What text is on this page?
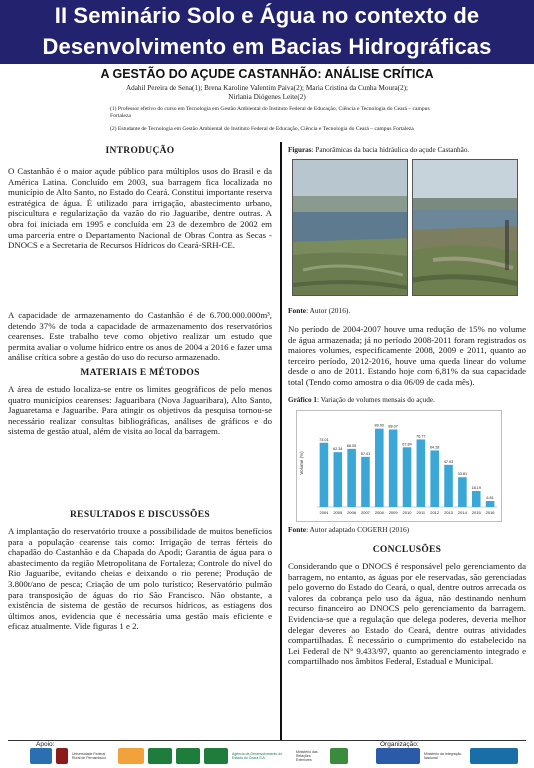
II Seminário Solo e Água no contexto de
Desenvolvimento em Bacias Hidrográficas
A GESTÃO DO AÇUDE CASTANHÃO: ANÁLISE CRÍTICA
Adahil Pereira de Sena(1); Brena Karoline Valentim Paiva(2); Maria Cristina da Cunha Moura(2);
Nirlania Diógenes Leite(2)
(1) Professor efetivo do curso em Tecnologia em Gestão Ambiental do Instituto Federal de Educação, Ciência e Tecnologia do Ceará – campus Fortaleza
(2) Estudante de Tecnologia em Gestão Ambiental do Instituto Federal de Educação, Ciência e Tecnologia do Ceará – campus Fortaleza
INTRODUÇÃO
O Castanhão é o maior açude público para múltiplos usos do Brasil e da América Latina. Concluído em 2003, sua barragem fica localizada no município de Alto Santo, no Estado do Ceará. Constitui importante reserva estratégica de água. É utilizado para irrigação, abastecimento urbano, piscicultura e regularização da vazão do rio Jaguaribe, dentre outras. A obra foi iniciada em 1995 e concluída em 23 de dezembro de 2002 em uma parceria entre o Departamento Nacional de Obras Contra as Secas - DNOCS e a Secretaria de Recursos Hídricos do Ceará-SRH-CE.
A capacidade de armazenamento do Castanhão é de 6.700.000.000m³, detendo 37% de toda a capacidade de armazenamento dos reservatórios cearenses. Este trabalho teve como objetivo realizar um estudo que permita avaliar o volume hídrico entre os anos de 2004 a 2016 e fazer uma análise crítica sobre a gestão do uso do recurso armazenado.
MATERIAIS E MÉTODOS
A área de estudo localiza-se entre os limites geográficos de pelo menos quatro municípios cearenses: Jaguaribara (Nova Jaguaribara), Alto Santo, Jaguaretama e Jaguaribe. Para atingir os objetivos da pesquisa tornou-se necessário realizar consultas bibliográficas, análises de gráficos e do sistema de gestão atual, além de visita ao local da barragem.
RESULTADOS E DISCUSSÕES
A implantação do reservatório trouxe a possibilidade de muitos benefícios para a população cearense tais como: Irrigação de terras férteis do chapadão do Castanhão e da Chapada do Apodi; Garantia de água para o abastecimento da região Metropolitana de Fortaleza; Controle do nível do Rio Jaguaribe, evitando cheias e deixando o rio perene; Produção de 3.800t/ano de pesca; Criação de um polo turístico; Reservatório pulmão para transposição de águas do rio São Francisco. Não obstante, a existência de sistema de gestão de recursos hídricos, as estiagens dos últimos anos, evidencia que é necessária uma gestão mais eficiente e eficaz atualmente. Vide figuras 1 e 2.
Figuras: Panorâmicas da bacia hidráulica do açude Castanhão.
Fonte: Autor (2016).
No período de 2004-2007 houve uma redução de 15% no volume de água armazenada; já no período 2008-2011 foram registrados os maiores volumes, especificamente 2008, 2009 e 2011, quanto ao terceiro período, 2012-2016, houve uma queda linear do volume desde o ano de 2011. Estando hoje com 6,81% da sua capacidade total (Tendo como amostra o dia 06/09 de cada mês).
Gráfico 1: Variação de volumes mensais do açude.
Volume (%)
73.01
2004
62.34
2005
66.05
2006
57.01
2007
89.00
2008
88.07
2009
67.84
2010
76.77
2011
64.28
2012
47.93
2013
33.81
2014
18.19
2015
6.81
2016
Fonte: Autor adaptado COGERH (2016)
CONCLUSÕES
Considerando que o DNOCS é responsável pelo gerenciamento da barragem, no entanto, as águas por ele reservadas, são gerenciadas pelo governo do Estado do Ceará, o qual, dentre outros arrecada os valores da cobrança pelo uso da água, não destinando nenhum recurso financeiro ao DNOCS pelo gerenciamento da barragem. Evidencia-se que a regulação que delega poderes, deveria melhor delegar deveres ao Estado do Ceará, dentre outras atividades compartilhadas. É necessário o cumprimento do estabelecido na Lei Federal de N° 9.433/97, quanto ao gerenciamento integrado e compartilhado nos âmbitos Federal, Estadual e Municipal.
Apoio:	Organização:
Universidade Federal Rural de Pernambuco
Agência de Desenvolvimento do Estado do Ceará S.A.
Ministério das Relações Exteriores
Ministério da Integração Nacional
